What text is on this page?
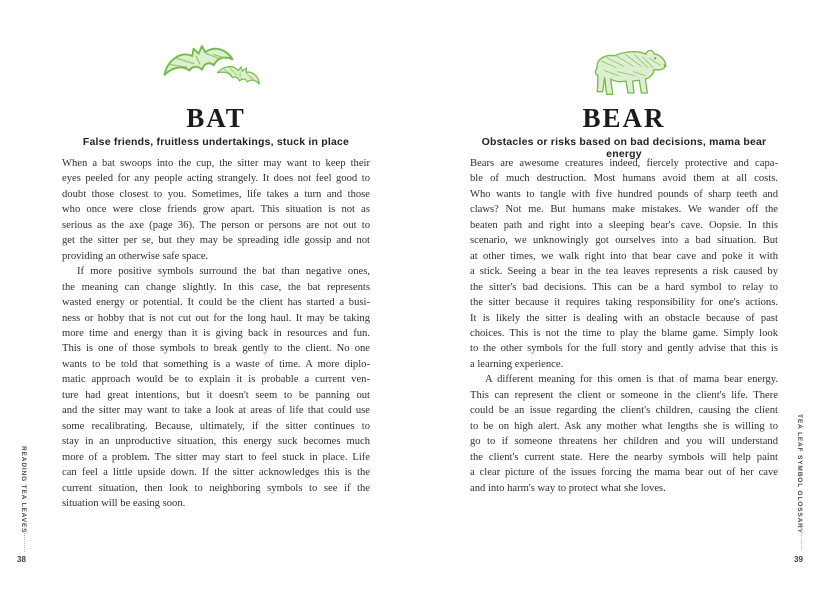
BAT

False friends, fruitless undertakings, stuck in place

When a bat swoops into the cup, the sitter may want to keep their
eyes peeled for any people acting strangely. It does not feel good to
doubt those closest to you. Sometimes, life takes a turn and those
who once were close friends grow apart. This situation is not as
serious as the axe (page 36). The person or persons are not out to
get the sitter per se, but they may be spreading idle gossip and not
providing an otherwise safe space.
If more positive symbols surround the bat than negative ones,
the meaning can change slightly. In this case, the bat represents
wasted energy or potential. It could be the client has started a busi-
ness or hobby that is not cut out for the long haul. It may be taking
more time and energy than it is giving back in resources and fun.
This is one of those symbols to break gently to the client. No one
wants to be told that something is a waste of time. A more diplo-
matic approach would be to explain it is probable a current ven-
ture had great intentions, but it doesn't seem to be panning out
and the sitter may want to take a look at areas of life that could use
some recalibrating. Because, ultimately, if the sitter continues to
stay in an unproductive situation, this energy suck becomes much
more of a problem. The sitter may start to feel stuck in place. Life
can feel a little upside down. If the sitter acknowledges this is the
current situation, then look to neighboring symbols to see if the
situation will be easing soon.
READING TEA LEAVES
38
BEAR

Obstacles or risks based on bad decisions, mama bear energy

Bears are awesome creatures indeed, fiercely protective and capa-
ble of much destruction. Most humans avoid them at all costs.
Who wants to tangle with five hundred pounds of sharp teeth and
claws? Not me. But humans make mistakes. We wander off the
beaten path and right into a sleeping bear's cave. Oopsie. In this
scenario, we unknowingly got ourselves into a bad situation. But
at other times, we walk right into that bear cave and poke it with
a stick. Seeing a bear in the tea leaves represents a risk caused by
the sitter's bad decisions. This can be a hard symbol to relay to
the sitter because it requires taking responsibility for one's actions.
It is likely the sitter is dealing with an obstacle because of past
choices. This is not the time to play the blame game. Simply look
to the other symbols for the full story and gently advise that this is
a learning experience.
A different meaning for this omen is that of mama bear energy.
This can represent the client or someone in the client's life. There
could be an issue regarding the client's children, causing the client
to be on high alert. Ask any mother what lengths she is willing to
go to if someone threatens her children and you will understand
the client's current state. Here the nearby symbols will help paint
a clear picture of the issues forcing the mama bear out of her cave
and into harm's way to protect what she loves.	TEA LEAF SYMBOL GLOSSARY
39
